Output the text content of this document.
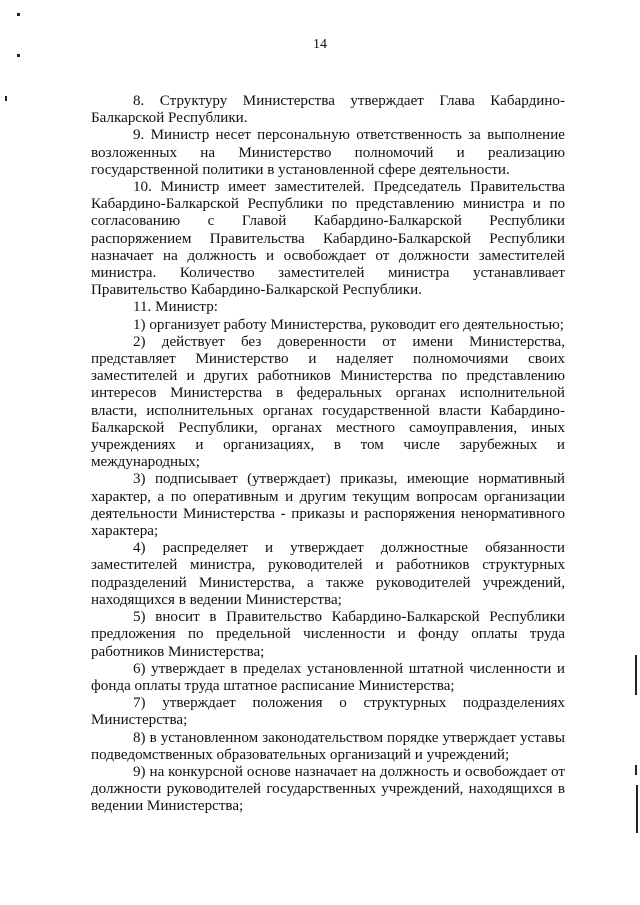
14

8. Структуру Министерства утверждает Глава Кабардино-Балкарской Республики.

9. Министр несет персональную ответственность за выполнение возложенных на Министерство полномочий и реализацию государственной политики в установленной сфере деятельности.

10. Министр имеет заместителей. Председатель Правительства Кабардино-Балкарской Республики по представлению министра и по согласованию с Главой Кабардино-Балкарской Республики распоряжением Правительства Кабардино-Балкарской Республики назначает на должность и освобождает от должности заместителей министра. Количество заместителей министра устанавливает Правительство Кабардино-Балкарской Республики.

11. Министр:

1) организует работу Министерства, руководит его деятельностью;

2) действует без доверенности от имени Министерства, представляет Министерство и наделяет полномочиями своих заместителей и других работников Министерства по представлению интересов Министерства в федеральных органах исполнительной власти, исполнительных органах государственной власти Кабардино-Балкарской Республики, органах местного самоуправления, иных учреждениях и организациях, в том числе зарубежных и международных;

3) подписывает (утверждает) приказы, имеющие нормативный характер, а по оперативным и другим текущим вопросам организации деятельности Министерства - приказы и распоряжения ненормативного характера;

4) распределяет и утверждает должностные обязанности заместителей министра, руководителей и работников структурных подразделений Министерства, а также руководителей учреждений, находящихся в ведении Министерства;

5) вносит в Правительство Кабардино-Балкарской Республики предложения по предельной численности и фонду оплаты труда работников Министерства;

6) утверждает в пределах установленной штатной численности и фонда оплаты труда штатное расписание Министерства;

7) утверждает положения о структурных подразделениях Министерства;

8) в установленном законодательством порядке утверждает уставы подведомственных образовательных организаций и учреждений;

9) на конкурсной основе назначает на должность и освобождает от должности руководителей государственных учреждений, находящихся в ведении Министерства;
